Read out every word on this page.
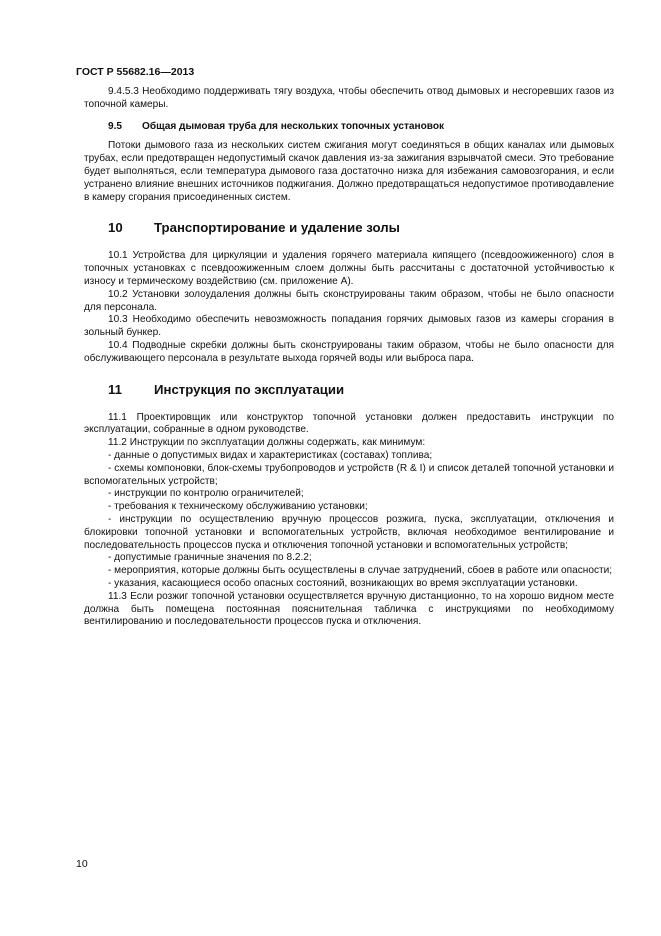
ГОСТ Р 55682.16—2013

9.4.5.3 Необходимо поддерживать тягу воздуха, чтобы обеспечить отвод дымовых и несгоревших газов из топочной камеры.

9.5 Общая дымовая труба для нескольких топочных установок

Потоки дымового газа из нескольких систем сжигания могут соединяться в общих каналах или дымовых трубах, если предотвращен недопустимый скачок давления из-за зажигания взрывчатой смеси. Это требование будет выполняться, если температура дымового газа достаточно низка для избежания самовозгорания, и если устранено влияние внешних источников поджигания. Должно предотвращаться недопустимое противодавление в камеру сгорания присоединенных систем.

10 Транспортирование и удаление золы

10.1 Устройства для циркуляции и удаления горячего материала кипящего (псевдоожиженного) слоя в топочных установках с псевдоожиженным слоем должны быть рассчитаны с достаточной устойчивостью к износу и термическому воздействию (см. приложение А).

10.2 Установки золоудаления должны быть сконструированы таким образом, чтобы не было опасности для персонала.

10.3 Необходимо обеспечить невозможность попадания горячих дымовых газов из камеры сгорания в зольный бункер.

10.4 Подводные скребки должны быть сконструированы таким образом, чтобы не было опасности для обслуживающего персонала в результате выхода горячей воды или выброса пара.

11 Инструкция по эксплуатации

11.1 Проектировщик или конструктор топочной установки должен предоставить инструкции по эксплуатации, собранные в одном руководстве.

11.2 Инструкции по эксплуатации должны содержать, как минимум:

- данные о допустимых видах и характеристиках (составах) топлива;

- схемы компоновки, блок-схемы трубопроводов и устройств (R & I) и список деталей топочной установки и вспомогательных устройств;

- инструкции по контролю ограничителей;

- требования к техническому обслуживанию установки;

- инструкции по осуществлению вручную процессов розжига, пуска, эксплуатации, отключения и блокировки топочной установки и вспомогательных устройств, включая необходимое вентилирование и последовательность процессов пуска и отключения топочной установки и вспомогательных устройств;

- допустимые граничные значения по 8.2.2;

- мероприятия, которые должны быть осуществлены в случае затруднений, сбоев в работе или опасности;

- указания, касающиеся особо опасных состояний, возникающих во время эксплуатации установки.

11.3 Если розжиг топочной установки осуществляется вручную дистанционно, то на хорошо видном месте должна быть помещена постоянная пояснительная табличка с инструкциями по необходимому вентилированию и последовательности процессов пуска и отключения.

10
